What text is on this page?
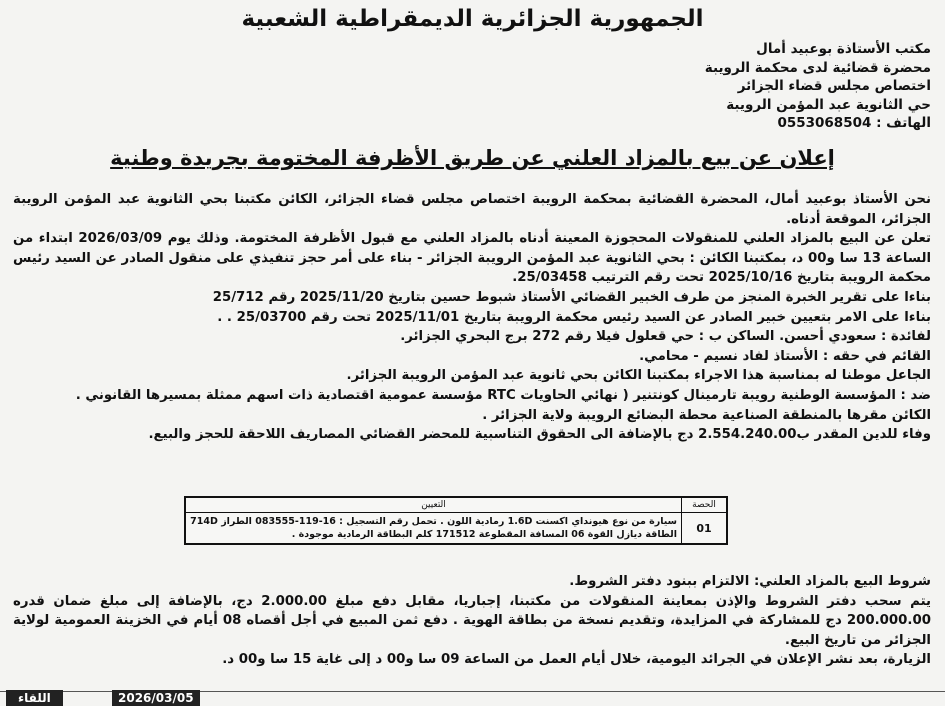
الجمهورية الجزائرية الديمقراطية الشعبية
مكتب الأستاذة بوعبيد أمال
محضرة قضائية لدى محكمة الرويبة
اختصاص مجلس قضاء الجزائر
حي الثانوية عبد المؤمن الرويبة
الهاتف : 0553068504
إعلان عن بيع بالمزاد العلني عن طريق الأظرفة المختومة بجريدة وطنية

نحن الأستاذ بوعبيد أمال، المحضرة القضائية بمحكمة الرويبة اختصاص مجلس قضاء الجزائر، الكائن مكتبنا بحي الثانوية عبد المؤمن الرويبة الجزائر، الموقعة أدناه.

تعلن عن البيع بالمزاد العلني للمنقولات المحجوزة المعينة أدناه بالمزاد العلني مع قبول الأظرفة المختومة. وذلك يوم 2026/03/09 ابتداء من الساعة 13 سا و00 د، بمكتبنا الكائن : بحي الثانوية عبد المؤمن الرويبة الجزائر - بناء على أمر حجز تنفيذي على منقول الصادر عن السيد رئيس محكمة الرويبة بتاريخ 2025/10/16 تحت رقم الترتيب 25/03458.

بناءا على تقرير الخبرة المنجز من طرف الخبير القضائي الأستاذ شبوط حسين بتاريخ 2025/11/20 رقم 25/712

بناءا على الامر بتعيين خبير الصادر عن السيد رئيس محكمة الرويبة بتاريخ 2025/11/01 تحت رقم 25/03700 . .

لفائدة : سعودي أحسن. الساكن ب : حي قعلول فيلا رقم 272 برج البحري الجزائر.

القائم في حقه : الأستاذ لفاد نسيم - محامي.

الجاعل موطنا له بمناسبة هذا الاجراء بمكتبنا الكائن بحي ثانوية عبد المؤمن الرويبة الجزائر.

ضد : المؤسسة الوطنية رويبة تارمينال كونتنير ( نهائي الحاويات RTC مؤسسة عمومية اقتصادية ذات اسهم ممثلة بمسيرها القانوني .

الكائن مقرها بالمنطقة الصناعية محطة البضائع الرويبة ولاية الجزائر .

وفاء للدين المقدر ب2.554.240.00 دج بالإضافة الى الحقوق التناسبية للمحضر القضائي المصاريف اللاحقة للحجز والبيع.

الحصة	التعيين
01	سيارة من نوع هيونداي اكسنت 1.6D رمادية اللون . تحمل رقم التسجيل : 16-119-083555 الطراز 714D الطاقة ديازل القوة 06 المسافة المقطوعة 171512 كلم البطاقة الرمادية موجودة .

شروط البيع بالمزاد العلني: الالتزام ببنود دفتر الشروط.

يتم سحب دفتر الشروط والإذن بمعاينة المنقولات من مكتبنا، إجباريا، مقابل دفع مبلغ 2.000.00 دج، بالإضافة إلى مبلغ ضمان قدره 200.000.00 دج للمشاركة في المزايدة، وتقديم نسخة من بطاقة الهوية . دفع ثمن المبيع في أجل أقصاه 08 أيام في الخزينة العمومية لولاية الجزائر من تاريخ البيع.

الزيارة، بعد نشر الإعلان في الجرائد اليومية، خلال أيام العمل من الساعة 09 سا و00 د إلى غاية 15 سا و00 د.

2026/03/05
اللقاء
